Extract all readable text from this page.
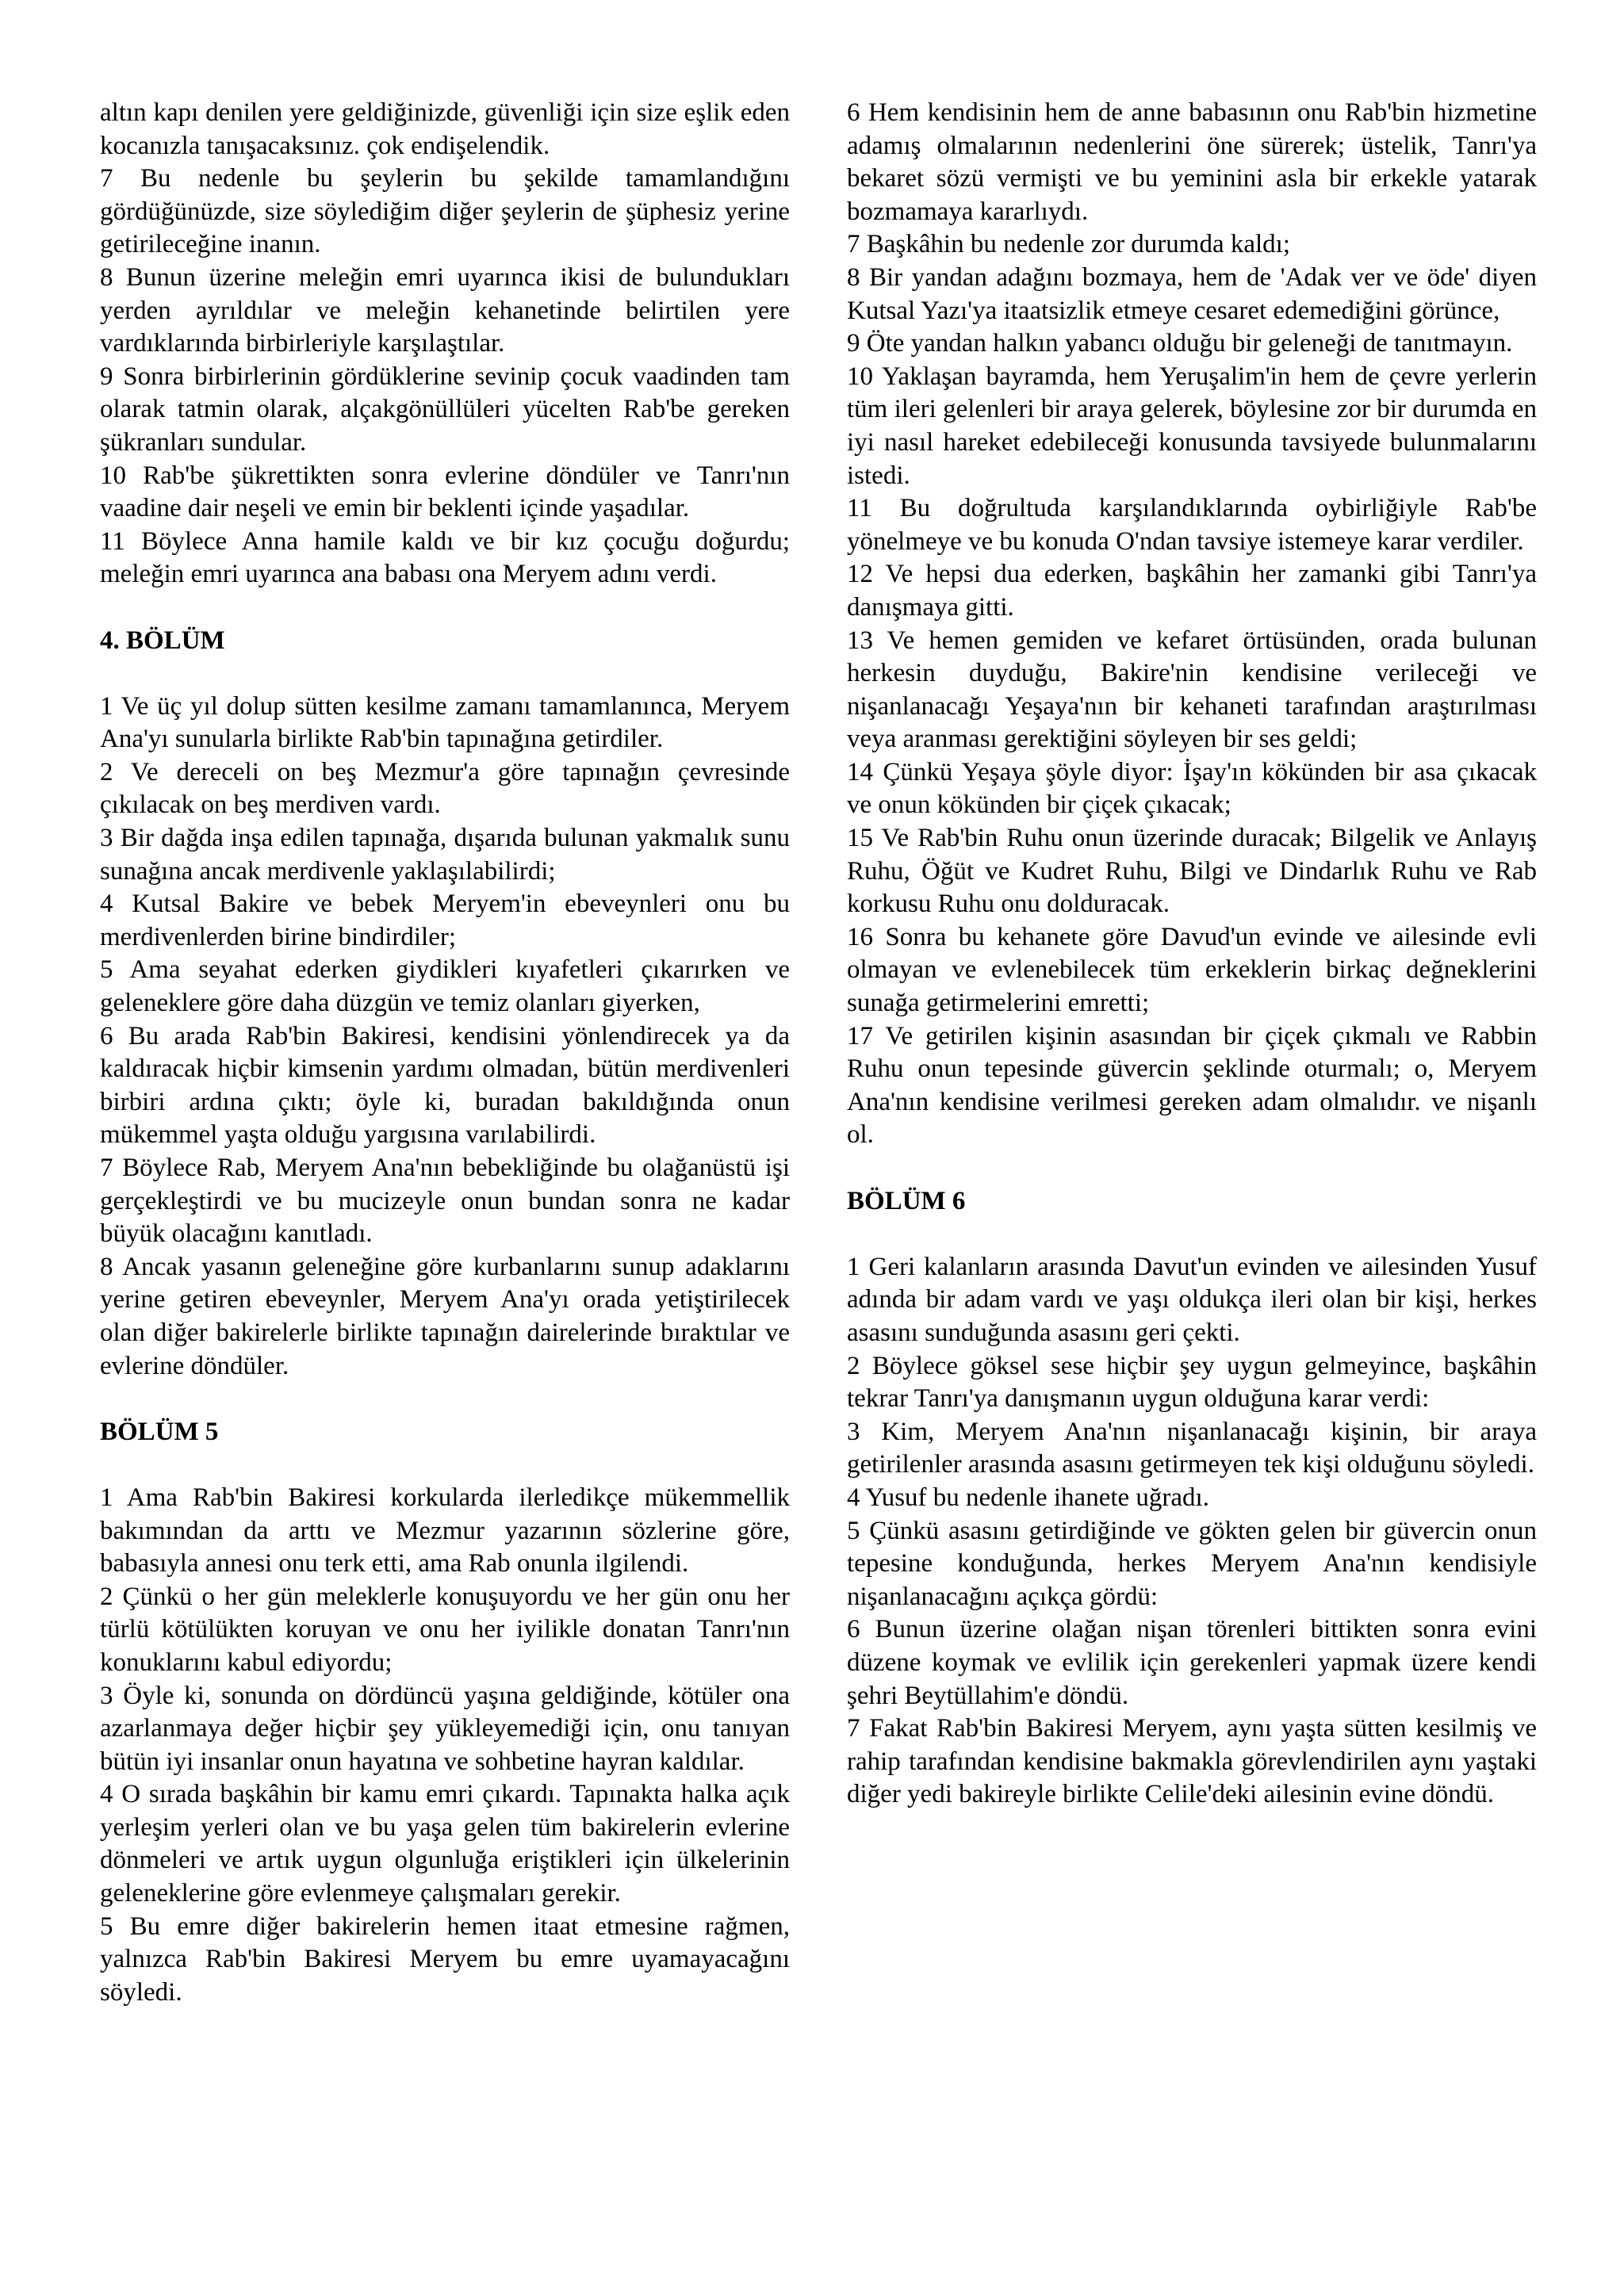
altın kapı denilen yere geldiğinizde, güvenliği için size eşlik eden kocanızla tanışacaksınız. çok endişelendik.

7 Bu nedenle bu şeylerin bu şekilde tamamlandığını gördüğünüzde, size söylediğim diğer şeylerin de şüphesiz yerine getirileceğine inanın.

8 Bunun üzerine meleğin emri uyarınca ikisi de bulundukları yerden ayrıldılar ve meleğin kehanetinde belirtilen yere vardıklarında birbirleriyle karşılaştılar.

9 Sonra birbirlerinin gördüklerine sevinip çocuk vaadinden tam olarak tatmin olarak, alçakgönüllüleri yücelten Rab'be gereken şükranları sundular.

10 Rab'be şükrettikten sonra evlerine döndüler ve Tanrı'nın vaadine dair neşeli ve emin bir beklenti içinde yaşadılar.

11 Böylece Anna hamile kaldı ve bir kız çocuğu doğurdu; meleğin emri uyarınca ana babası ona Meryem adını verdi.

4. BÖLÜM

1 Ve üç yıl dolup sütten kesilme zamanı tamamlanınca, Meryem Ana'yı sunularla birlikte Rab'bin tapınağına getirdiler.

2 Ve dereceli on beş Mezmur'a göre tapınağın çevresinde çıkılacak on beş merdiven vardı.

3 Bir dağda inşa edilen tapınağa, dışarıda bulunan yakmalık sunu sunağına ancak merdivenle yaklaşılabilirdi;

4 Kutsal Bakire ve bebek Meryem'in ebeveynleri onu bu merdivenlerden birine bindirdiler;

5 Ama seyahat ederken giydikleri kıyafetleri çıkarırken ve geleneklere göre daha düzgün ve temiz olanları giyerken,

6 Bu arada Rab'bin Bakiresi, kendisini yönlendirecek ya da kaldıracak hiçbir kimsenin yardımı olmadan, bütün merdivenleri birbiri ardına çıktı; öyle ki, buradan bakıldığında onun mükemmel yaşta olduğu yargısına varılabilirdi.

7 Böylece Rab, Meryem Ana'nın bebekliğinde bu olağanüstü işi gerçekleştirdi ve bu mucizeyle onun bundan sonra ne kadar büyük olacağını kanıtladı.

8 Ancak yasanın geleneğine göre kurbanlarını sunup adaklarını yerine getiren ebeveynler, Meryem Ana'yı orada yetiştirilecek olan diğer bakirelerle birlikte tapınağın dairelerinde bıraktılar ve evlerine döndüler.

BÖLÜM 5

1 Ama Rab'bin Bakiresi korkularda ilerledikçe mükemmellik bakımından da arttı ve Mezmur yazarının sözlerine göre, babasıyla annesi onu terk etti, ama Rab onunla ilgilendi.

2 Çünkü o her gün meleklerle konuşuyordu ve her gün onu her türlü kötülükten koruyan ve onu her iyilikle donatan Tanrı'nın konuklarını kabul ediyordu;

3 Öyle ki, sonunda on dördüncü yaşına geldiğinde, kötüler ona azarlanmaya değer hiçbir şey yükleyemediği için, onu tanıyan bütün iyi insanlar onun hayatına ve sohbetine hayran kaldılar.

4 O sırada başkâhin bir kamu emri çıkardı. Tapınakta halka açık yerleşim yerleri olan ve bu yaşa gelen tüm bakirelerin evlerine dönmeleri ve artık uygun olgunluğa eriştikleri için ülkelerinin geleneklerine göre evlenmeye çalışmaları gerekir.

5 Bu emre diğer bakirelerin hemen itaat etmesine rağmen, yalnızca Rab'bin Bakiresi Meryem bu emre uyamayacağını söyledi.

6 Hem kendisinin hem de anne babasının onu Rab'bin hizmetine adamış olmalarının nedenlerini öne sürerek; üstelik, Tanrı'ya bekaret sözü vermişti ve bu yeminini asla bir erkekle yatarak bozmamaya kararlıydı.

7 Başkâhin bu nedenle zor durumda kaldı;

8 Bir yandan adağını bozmaya, hem de 'Adak ver ve öde' diyen Kutsal Yazı'ya itaatsizlik etmeye cesaret edemediğini görünce,

9 Öte yandan halkın yabancı olduğu bir geleneği de tanıtmayın.

10 Yaklaşan bayramda, hem Yeruşalim'in hem de çevre yerlerin tüm ileri gelenleri bir araya gelerek, böylesine zor bir durumda en iyi nasıl hareket edebileceği konusunda tavsiyede bulunmalarını istedi.

11 Bu doğrultuda karşılandıklarında oybirliğiyle Rab'be yönelmeye ve bu konuda O'ndan tavsiye istemeye karar verdiler.

12 Ve hepsi dua ederken, başkâhin her zamanki gibi Tanrı'ya danışmaya gitti.

13 Ve hemen gemiden ve kefaret örtüsünden, orada bulunan herkesin duyduğu, Bakire'nin kendisine verileceği ve nişanlanacağı Yeşaya'nın bir kehaneti tarafından araştırılması veya aranması gerektiğini söyleyen bir ses geldi;

14 Çünkü Yeşaya şöyle diyor: İşay'ın kökünden bir asa çıkacak ve onun kökünden bir çiçek çıkacak;

15 Ve Rab'bin Ruhu onun üzerinde duracak; Bilgelik ve Anlayış Ruhu, Öğüt ve Kudret Ruhu, Bilgi ve Dindarlık Ruhu ve Rab korkusu Ruhu onu dolduracak.

16 Sonra bu kehanete göre Davud'un evinde ve ailesinde evli olmayan ve evlenebilecek tüm erkeklerin birkaç değneklerini sunağa getirmelerini emretti;

17 Ve getirilen kişinin asasından bir çiçek çıkmalı ve Rabbin Ruhu onun tepesinde güvercin şeklinde oturmalı; o, Meryem Ana'nın kendisine verilmesi gereken adam olmalıdır. ve nişanlı ol.

BÖLÜM 6

1 Geri kalanların arasında Davut'un evinden ve ailesinden Yusuf adında bir adam vardı ve yaşı oldukça ileri olan bir kişi, herkes asasını sunduğunda asasını geri çekti.

2 Böylece göksel sese hiçbir şey uygun gelmeyince, başkâhin tekrar Tanrı'ya danışmanın uygun olduğuna karar verdi:

3 Kim, Meryem Ana'nın nişanlanacağı kişinin, bir araya getirilenler arasında asasını getirmeyen tek kişi olduğunu söyledi.

4 Yusuf bu nedenle ihanete uğradı.

5 Çünkü asasını getirdiğinde ve gökten gelen bir güvercin onun tepesine konduğunda, herkes Meryem Ana'nın kendisiyle nişanlanacağını açıkça gördü:

6 Bunun üzerine olağan nişan törenleri bittikten sonra evini düzene koymak ve evlilik için gerekenleri yapmak üzere kendi şehri Beytüllahim'e döndü.

7 Fakat Rab'bin Bakiresi Meryem, aynı yaşta sütten kesilmiş ve rahip tarafından kendisine bakmakla görevlendirilen aynı yaştaki diğer yedi bakireyle birlikte Celile'deki ailesinin evine döndü.
